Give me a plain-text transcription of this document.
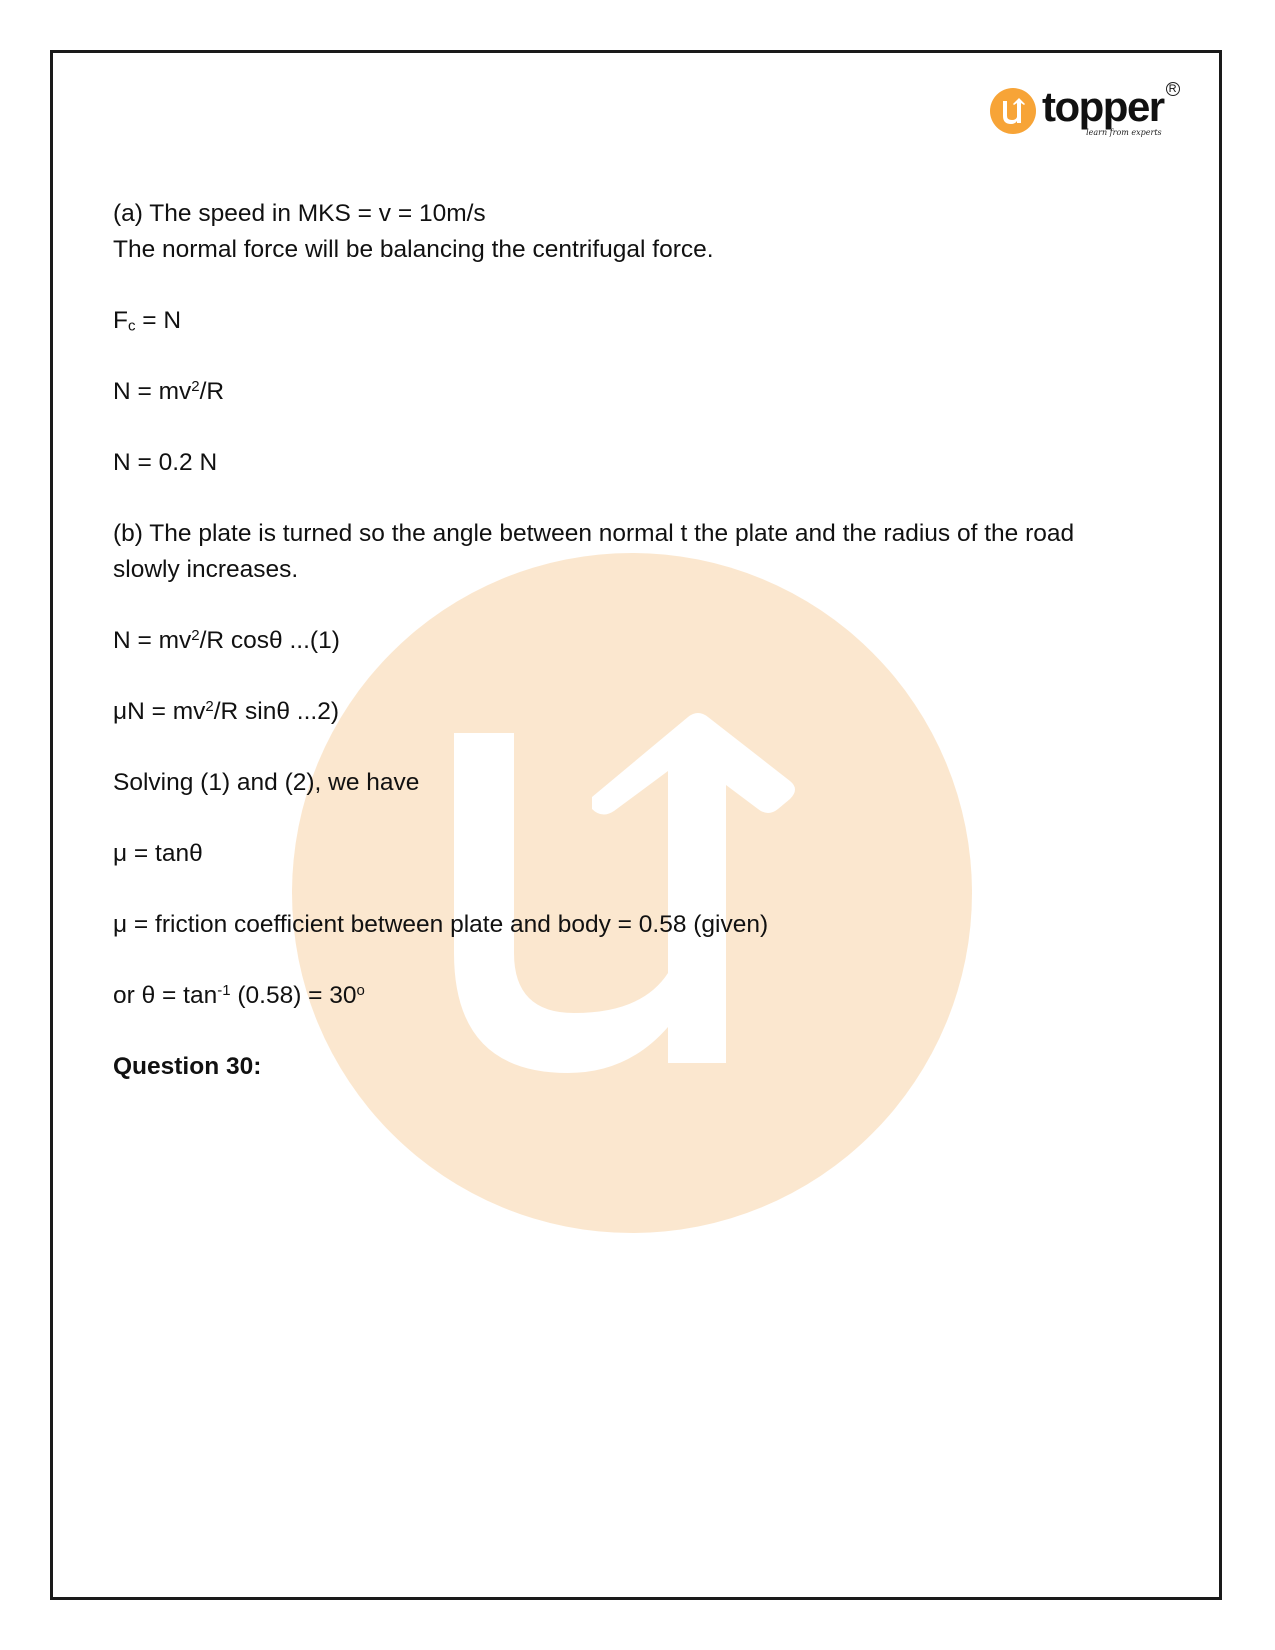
topper R
learn from experts

(a) The speed in MKS = v = 10m/s

The normal force will be balancing the centrifugal force.

$F_c = N$

$N = mv^2/R$

N = 0.2 N

(b) The plate is turned so the angle between normal t the plate and the radius of the road slowly increases.

$N = mv^2/R$ cosθ ...(1)

$\mu N = mv^2/R$ sinθ ...2)

Solving (1) and (2), we have

μ = tanθ

μ = friction coefficient between plate and body = 0.58 (given)

or $\theta = \tan^{-1} (0.58) = 30^o$

Question 30:
